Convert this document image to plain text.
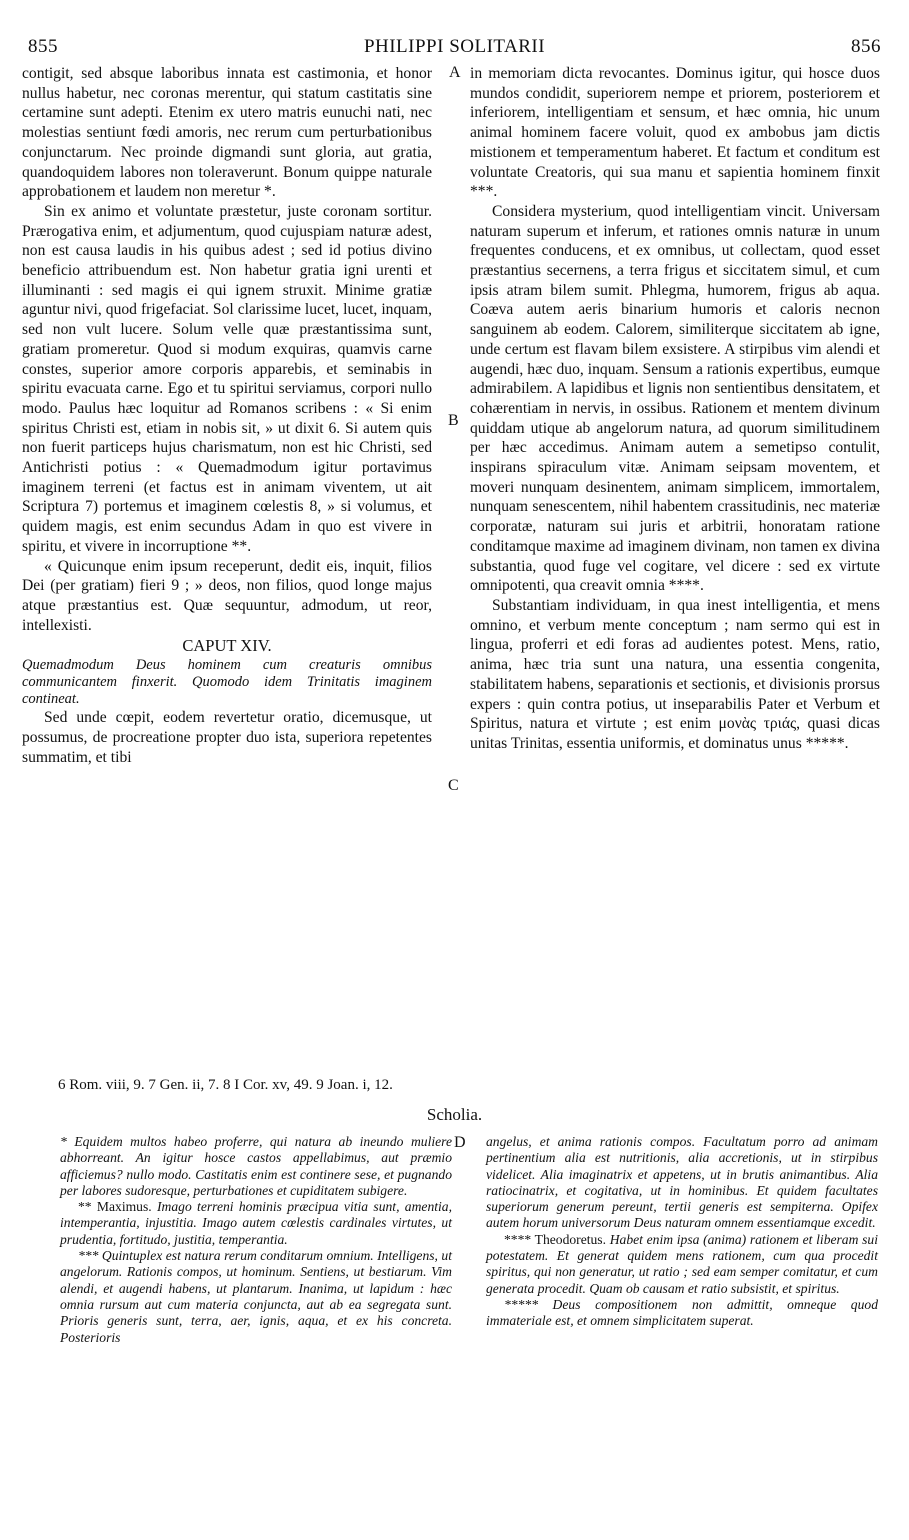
855	PHILIPPI SOLITARII	856
A
B
C
D

contigit, sed absque laboribus innata est castimonia, et honor nullus habetur, nec coronas merentur, qui statum castitatis sine certamine sunt adepti. Etenim ex utero matris eunuchi nati, nec molestias sentiunt fœdi amoris, nec rerum cum perturbationibus conjunctarum. Nec proinde digmandi sunt gloria, aut gratia, quandoquidem labores non toleraverunt. Bonum quippe naturale approbationem et laudem non meretur *.

Sin ex animo et voluntate præstetur, juste coronam sortitur. Prærogativa enim, et adjumentum, quod cujuspiam naturæ adest, non est causa laudis in his quibus adest ; sed id potius divino beneficio attribuendum est. Non habetur gratia igni urenti et illuminanti : sed magis ei qui ignem struxit. Minime gratiæ aguntur nivi, quod frigefaciat. Sol clarissime lucet, lucet, inquam, sed non vult lucere. Solum velle quæ præstantissima sunt, gratiam promeretur. Quod si modum exquiras, quamvis carne constes, superior amore corporis apparebis, et seminabis in spiritu evacuata carne. Ego et tu spiritui serviamus, corpori nullo modo. Paulus hæc loquitur ad Romanos scribens : « Si enim spiritus Christi est, etiam in nobis sit, » ut dixit 6. Si autem quis non fuerit particeps hujus charismatum, non est hic Christi, sed Antichristi potius : « Quemadmodum igitur portavimus imaginem terreni (et factus est in animam viventem, ut ait Scriptura 7) portemus et imaginem cœlestis 8, » si volumus, et quidem magis, est enim secundus Adam in quo est vivere in spiritu, et vivere in incorruptione **.

« Quicunque enim ipsum receperunt, dedit eis, inquit, filios Dei (per gratiam) fieri 9 ; » deos, non filios, quod longe majus atque præstantius est. Quæ sequuntur, admodum, ut reor, intellexisti.

CAPUT XIV.

Quemadmodum Deus hominem cum creaturis omnibus communicantem finxerit. Quomodo idem Trinitatis imaginem contineat.

Sed unde cœpit, eodem revertetur oratio, dicemusque, ut possumus, de procreatione propter duo ista, superiora repetentes summatim, et tibi

in memoriam dicta revocantes. Dominus igitur, qui hosce duos mundos condidit, superiorem nempe et priorem, posteriorem et inferiorem, intelligentiam et sensum, et hæc omnia, hic unum animal hominem facere voluit, quod ex ambobus jam dictis mistionem et temperamentum haberet. Et factum et conditum est voluntate Creatoris, qui sua manu et sapientia hominem finxit ***.

Considera mysterium, quod intelligentiam vincit. Universam naturam superum et inferum, et rationes omnis naturæ in unum frequentes conducens, et ex omnibus, ut collectam, quod esset præstantius secernens, a terra frigus et siccitatem simul, et cum ipsis atram bilem sumit. Phlegma, humorem, frigus ab aqua. Coæva autem aeris binarium humoris et caloris necnon sanguinem ab eodem. Calorem, similiterque siccitatem ab igne, unde certum est flavam bilem exsistere. A stirpibus vim alendi et augendi, hæc duo, inquam. Sensum a rationis expertibus, eumque admirabilem. A lapidibus et lignis non sentientibus densitatem, et cohærentiam in nervis, in ossibus. Rationem et mentem divinum quiddam utique ab angelorum natura, ad quorum similitudinem per hæc accedimus. Animam autem a semetipso contulit, inspirans spiraculum vitæ. Animam seipsam moventem, et moveri nunquam desinentem, animam simplicem, immortalem, nunquam senescentem, nihil habentem crassitudinis, nec materiæ corporatæ, naturam sui juris et arbitrii, honoratam ratione conditamque maxime ad imaginem divinam, non tamen ex divina substantia, quod fuge vel cogitare, vel dicere : sed ex virtute omnipotenti, qua creavit omnia ****.

Substantiam individuam, in qua inest intelligentia, et mens omnino, et verbum mente conceptum ; nam sermo qui est in lingua, proferri et edi foras ad audientes potest. Mens, ratio, anima, hæc tria sunt una natura, una essentia congenita, stabilitatem habens, separationis et sectionis, et divisionis prorsus expers : quin contra potius, ut inseparabilis Pater et Verbum et Spiritus, natura et virtute ; est enim μονὰς τριάς, quasi dicas unitas Trinitas, essentia uniformis, et dominatus unus *****.

6 Rom. viii, 9. 7 Gen. ii, 7. 8 I Cor. xv, 49. 9 Joan. i, 12.
Scholia.

* Equidem multos habeo proferre, qui natura ab ineundo muliere abhorreant. An igitur hosce castos appellabimus, aut præmio afficiemus? nullo modo. Castitatis enim est continere sese, et pugnando per labores sudoresque, perturbationes et cupiditatem subigere.

** Maximus. Imago terreni hominis præcipua vitia sunt, amentia, intemperantia, injustitia. Imago autem cœlestis cardinales virtutes, ut prudentia, fortitudo, justitia, temperantia.

*** Quintuplex est natura rerum conditarum omnium. Intelligens, ut angelorum. Rationis compos, ut hominum. Sentiens, ut bestiarum. Vim alendi, et augendi habens, ut plantarum. Inanima, ut lapidum : hæc omnia rursum aut cum materia conjuncta, aut ab ea segregata sunt. Prioris generis sunt, terra, aer, ignis, aqua, et ex his concreta. Posterioris

angelus, et anima rationis compos. Facultatum porro ad animam pertinentium alia est nutritionis, alia accretionis, ut in stirpibus videlicet. Alia imaginatrix et appetens, ut in brutis animantibus. Alia ratiocinatrix, et cogitativa, ut in hominibus. Et quidem facultates superiorum generum pereunt, tertii generis est sempiterna. Opifex autem horum universorum Deus naturam omnem essentiamque excedit.

**** Theodoretus. Habet enim ipsa (anima) rationem et liberam sui potestatem. Et generat quidem mens rationem, cum qua procedit spiritus, qui non generatur, ut ratio ; sed eam semper comitatur, et cum generata procedit. Quam ob causam et ratio subsistit, et spiritus.

***** Deus compositionem non admittit, omneque quod immateriale est, et omnem simplicitatem superat.
